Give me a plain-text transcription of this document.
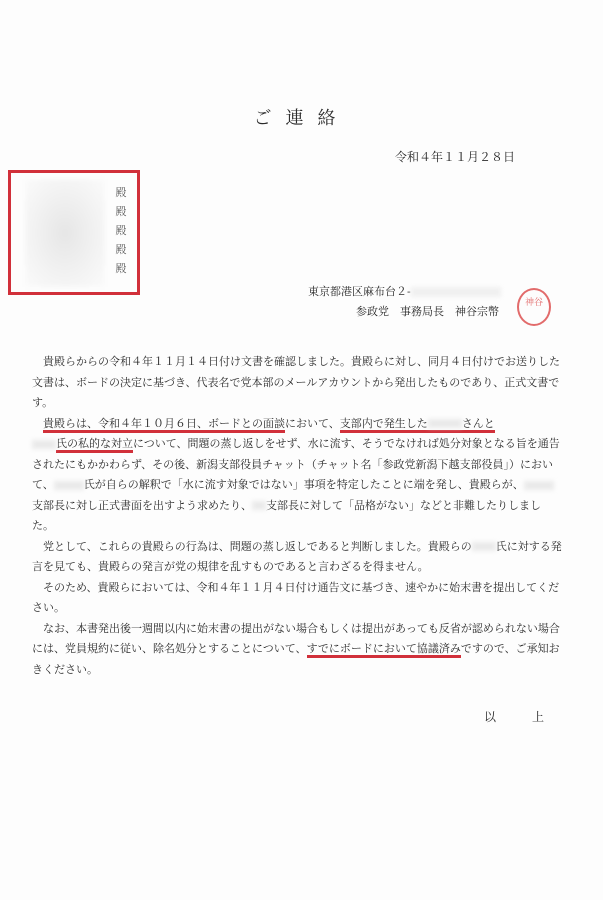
ご連絡
令和４年１１月２８日
殿
殿
殿
殿
殿
東京都港区麻布台２-
参政党　事務局長　 神谷宗幣
神谷

貴殿らからの令和４年１１月１４日付け文書を確認しました。貴殿らに対し、同月４日付けでお送りした文書は、ボードの決定に基づき、代表名で党本部のメールアカウントから発出したものであり、正式文書です。

貴殿らは、令和４年１０月６日、ボードとの面談において、支部内で発生した	さんと
氏の私的な対立について、問題の蒸し返しをせず、水に流す、そうでなければ処分対象となる旨を通告されたにもかかわらず、その後、新潟支部役員チャット（チャット名「参政党新潟下越支部役員」）において、	氏が自らの解釈で「水に流す対象ではない」事項を特定したことに端を発し、貴殿らが、支部長に対し正式書面を出すよう求めたり、 支部長に対して「品格がない」などと非難したりしました。

党として、これらの貴殿らの行為は、問題の蒸し返しであると判断しました。貴殿らの 氏に対する発言を見ても、貴殿らの発言が党の規律を乱すものであると言わざるを得ません。

そのため、貴殿らにおいては、令和４年１１月４日付け通告文に基づき、速やかに始末書を提出してください。

なお、本書発出後一週間以内に始末書の提出がない場合もしくは提出があっても反省が認められない場合には、党員規約に従い、除名処分とすることについて、すでにボードにおいて協議済みですので、ご承知おきください。

以　上
